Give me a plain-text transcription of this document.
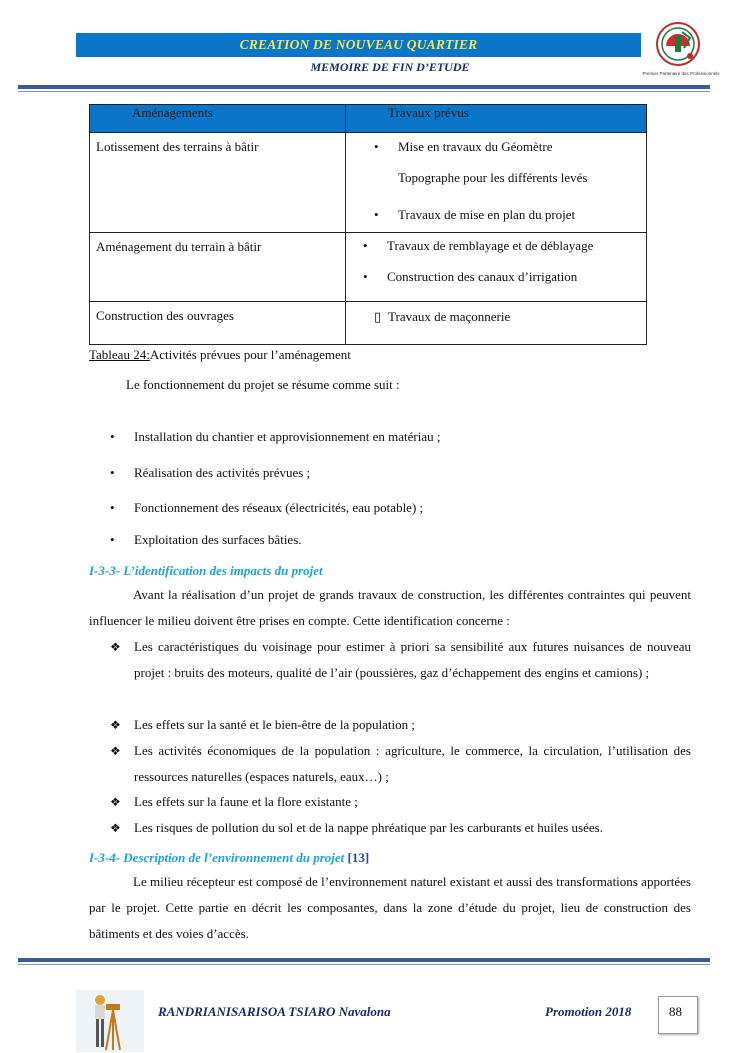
CREATION DE NOUVEAU QUARTIER
MEMOIRE DE FIN D’ETUDE	Premier Partenaire des Professionnels
Aménagements	Travaux prévus
Lotissement des terrains à bâtir	• Mise en travaux du Géomètre
Topographe pour les différents levés
• Travaux de mise en plan du projet

Aménagement du terrain à bâtir	• Travaux de remblayage et de déblayage
• Construction des canaux d’irrigation

Construction des ouvrages	▯ Travaux de maçonnerie
Tableau 24:Activités prévues pour l’aménagement
Le fonctionnement du projet se résume comme suit :
• Installation du chantier et approvisionnement en matériau ;
• Réalisation des activités prévues ;
• Fonctionnement des réseaux (électricités, eau potable) ;
• Exploitation des surfaces bâties.
I-3-3- L’identification des impacts du projet
Avant la réalisation d’un projet de grands travaux de construction, les différentes contraintes qui peuvent influencer le milieu doivent être prises en compte. Cette identification concerne :
❖ Les caractéristiques du voisinage pour estimer à priori sa sensibilité aux futures nuisances de nouveau projet : bruits des moteurs, qualité de l’air (poussières, gaz d’échappement des engins et camions) ;
❖ Les effets sur la santé et le bien-être de la population ;
❖ Les activités économiques de la population : agriculture, le commerce, la circulation, l’utilisation des ressources naturelles (espaces naturels, eaux…) ;
❖ Les effets sur la faune et la flore existante ;
❖ Les risques de pollution du sol et de la nappe phréatique par les carburants et huiles usées.
I-3-4- Description de l’environnement du projet [13]
Le milieu récepteur est composé de l’environnement naturel existant et aussi des transformations apportées par le projet. Cette partie en décrit les composantes, dans la zone d’étude du projet, lieu de construction des bâtiments et des voies d’accès.
RANDRIANISARISOA TSIARO Navalona	Promotion 2018	88
